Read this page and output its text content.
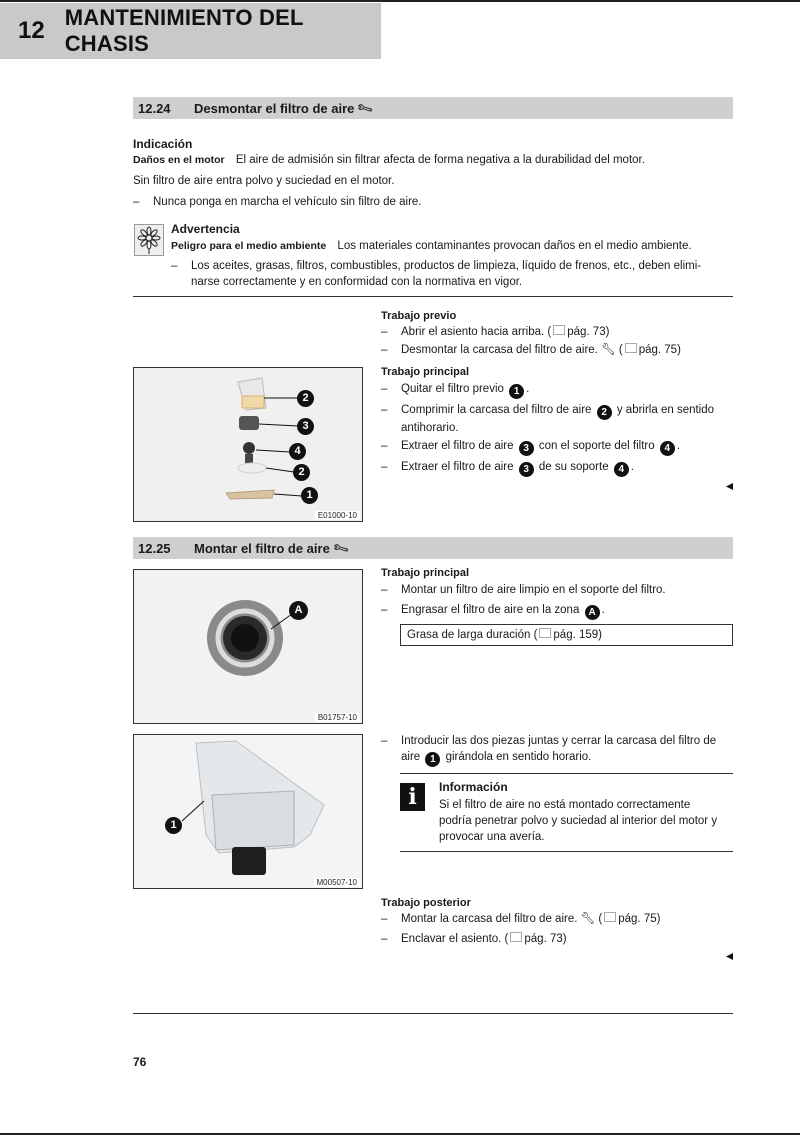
12 MANTENIMIENTO DEL CHASIS
12.24	Desmontar el filtro de aire 🔧︎
Indicación
Daños en el motor El aire de admisión sin filtrar afecta de forma negativa a la durabilidad del motor.
Sin filtro de aire entra polvo y suciedad en el motor.
– Nunca ponga en marcha el vehículo sin filtro de aire.
Advertencia
Peligro para el medio ambiente Los materiales contaminantes provocan daños en el medio ambiente.
– Los aceites, grasas, filtros, combustibles, productos de limpieza, líquido de frenos, etc., deben elimi-
narse correctamente y en conformidad con la normativa en vigor.
2
3
4
2
1
E01000-10
Trabajo previo
– Abrir el asiento hacia arriba. ( pág. 73)
– Desmontar la carcasa del filtro de aire. 🔧︎ ( pág. 75)
Trabajo principal
– Quitar el filtro previo 1 .
– Comprimir la carcasa del filtro de aire 2 y abrirla en sentido
antihorario.
– Extraer el filtro de aire 3 con el soporte del filtro 4 .
– Extraer el filtro de aire 3 de su soporte 4 .
12.25	Montar el filtro de aire 🔧︎
A
B01757-10
1
M00507-10
Trabajo principal
– Montar un filtro de aire limpio en el soporte del filtro.
– Engrasar el filtro de aire en la zona A .
Grasa de larga duración ( pág. 159)
– Introducir las dos piezas juntas y cerrar la carcasa del filtro de
aire 1 girándola en sentido horario.
i	Información
Si el filtro de aire no está montado correctamente
podría penetrar polvo y suciedad al interior del motor y
provocar una avería.
Trabajo posterior
– Montar la carcasa del filtro de aire. 🔧︎ ( pág. 75)
– Enclavar el asiento. ( pág. 73)
76
